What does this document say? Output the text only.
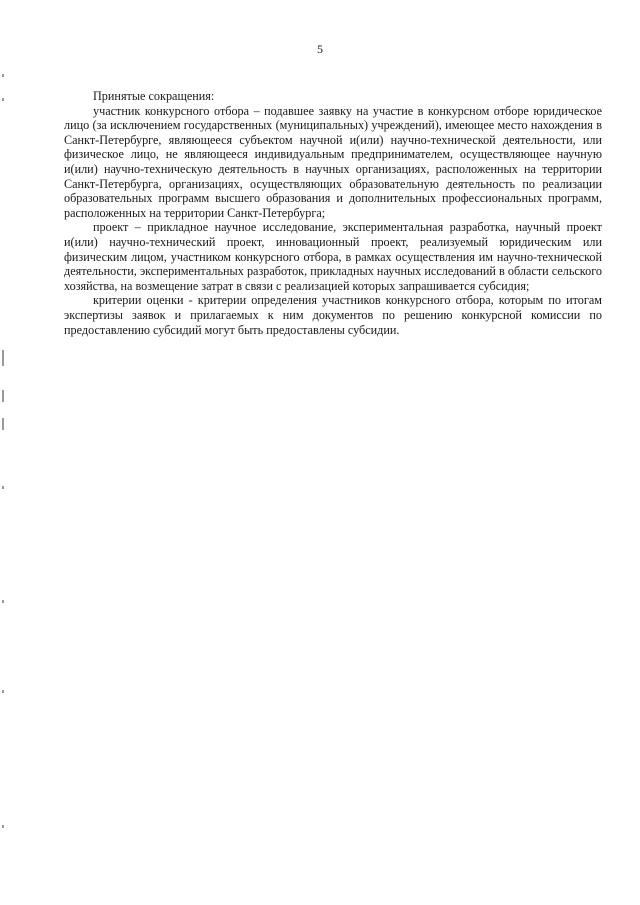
5

Принятые сокращения:

участник конкурсного отбора – подавшее заявку на участие в конкурсном отборе юридическое лицо (за исключением государственных (муниципальных) учреждений), имеющее место нахождения в Санкт-Петербурге, являющееся субъектом научной и(или) научно-технической деятельности, или физическое лицо, не являющееся индивидуальным предпринимателем, осуществляющее научную и(или) научно-техническую деятельность в научных организациях, расположенных на территории Санкт-Петербурга, организациях, осуществляющих образовательную деятельность по реализации образовательных программ высшего образования и дополнительных профессиональных программ, расположенных на территории Санкт-Петербурга;

проект – прикладное научное исследование, экспериментальная разработка, научный проект и(или) научно-технический проект, инновационный проект, реализуемый юридическим или физическим лицом, участником конкурсного отбора, в рамках осуществления им научно-технической деятельности, экспериментальных разработок, прикладных научных исследований в области сельского хозяйства, на возмещение затрат в связи с реализацией которых запрашивается субсидия;

критерии оценки - критерии определения участников конкурсного отбора, которым по итогам экспертизы заявок и прилагаемых к ним документов по решению конкурсной комиссии по предоставлению субсидий могут быть предоставлены субсидии.
